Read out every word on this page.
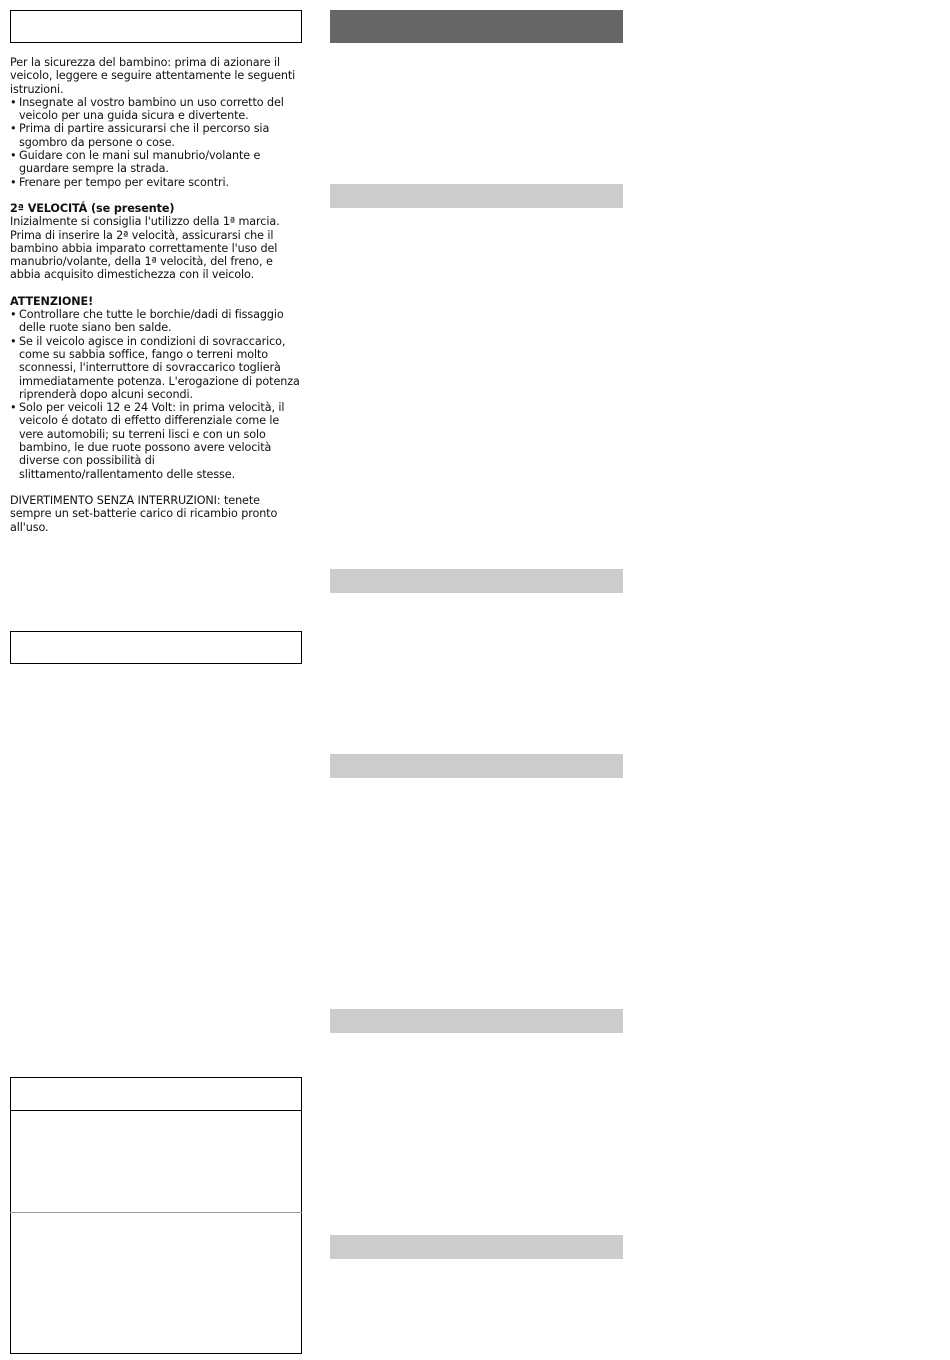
Per la sicurezza del bambino: prima di azionare il veicolo, leggere e seguire attentamente le seguenti istruzioni.

• Insegnate al vostro bambino un uso corretto del veicolo per una guida sicura e divertente.
• Prima di partire assicurarsi che il percorso sia sgombro da persone o cose.
• Guidare con le mani sul manubrio/volante e guardare sempre la strada.
• Frenare per tempo per evitare scontri.

2ª VELOCITÁ (se presente)

Inizialmente si consiglia l'utilizzo della 1ª marcia. Prima di inserire la 2ª velocità, assicurarsi che il bambino abbia imparato correttamente l'uso del manubrio/volante, della 1ª velocità, del freno, e abbia acquisito dimestichezza con il veicolo.

ATTENZIONE!

• Controllare che tutte le borchie/dadi di fissaggio delle ruote siano ben salde.
• Se il veicolo agisce in condizioni di sovraccarico, come su sabbia soffice, fango o terreni molto sconnessi, l'interruttore di sovraccarico toglierà immediatamente potenza. L'erogazione di potenza riprenderà dopo alcuni secondi.
• Solo per veicoli 12 e 24 Volt: in prima velocità, il veicolo é dotato di effetto differenziale come le vere automobili; su terreni lisci e con un solo bambino, le due ruote possono avere velocità diverse con possibilità di slittamento/rallentamento delle stesse.

DIVERTIMENTO SENZA INTERRUZIONI: tenete sempre un set-batterie carico di ricambio pronto all'uso.
